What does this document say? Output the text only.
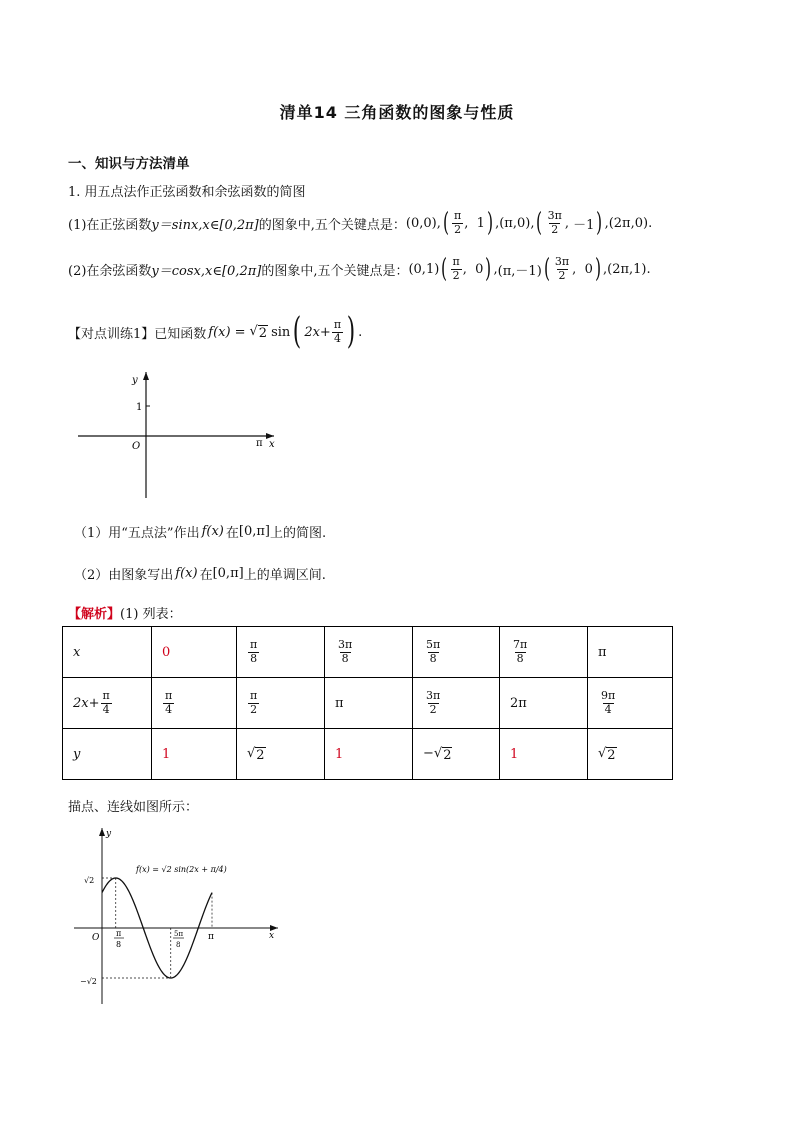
清单14 三角函数的图象与性质
一、知识与方法清单
1. 用五点法作正弦函数和余弦函数的简图
(1)在正弦函数 y＝sinx,x∈[0,2π] 的图象中,五个关键点是： (0,0) , ( $\frac{\pi}{2}$ , 1 ) , (π,0) , ( $\frac{3\pi}{2}$ , －1 ) , (2π,0).
(2)在余弦函数 y＝cosx,x∈[0,2π] 的图象中,五个关键点是： (0,1) ( $\frac{\pi}{2}$ , 0 ) , (π,－1) ( $\frac{3\pi}{2}$ , 0 ) , (2π,1).
【对点训练1】 已知函数 f(x) = √ 2 sin ( $2x+ \frac{\pi}{4}$ ) .
y
1
O	π x
（1）用“五点法”作出 f(x) 在 [0,π] 上的简图.
（2）由图象写出 f(x) 在 [0,π] 上的单调区间.
【解析】 (1) 列表：
x	0	$\frac{\pi}{8}$	$\frac{3\pi}{8}$	$\frac{5\pi}{8}$	$\frac{7\pi}{8}$	π

$2x+ \frac{\pi}{4}$	$\frac{\pi}{4}$	$\frac{\pi}{2}$	π	$\frac{3\pi}{2}$	2π	$\frac{9\pi}{4}$

y	1	√ 2	1	− √ 2	1	√ 2
描点、连线如图所示：
y
x
O
√2
−√2
π
8
5π
8
π
f(x) = √2 sin(2x + π/4)
